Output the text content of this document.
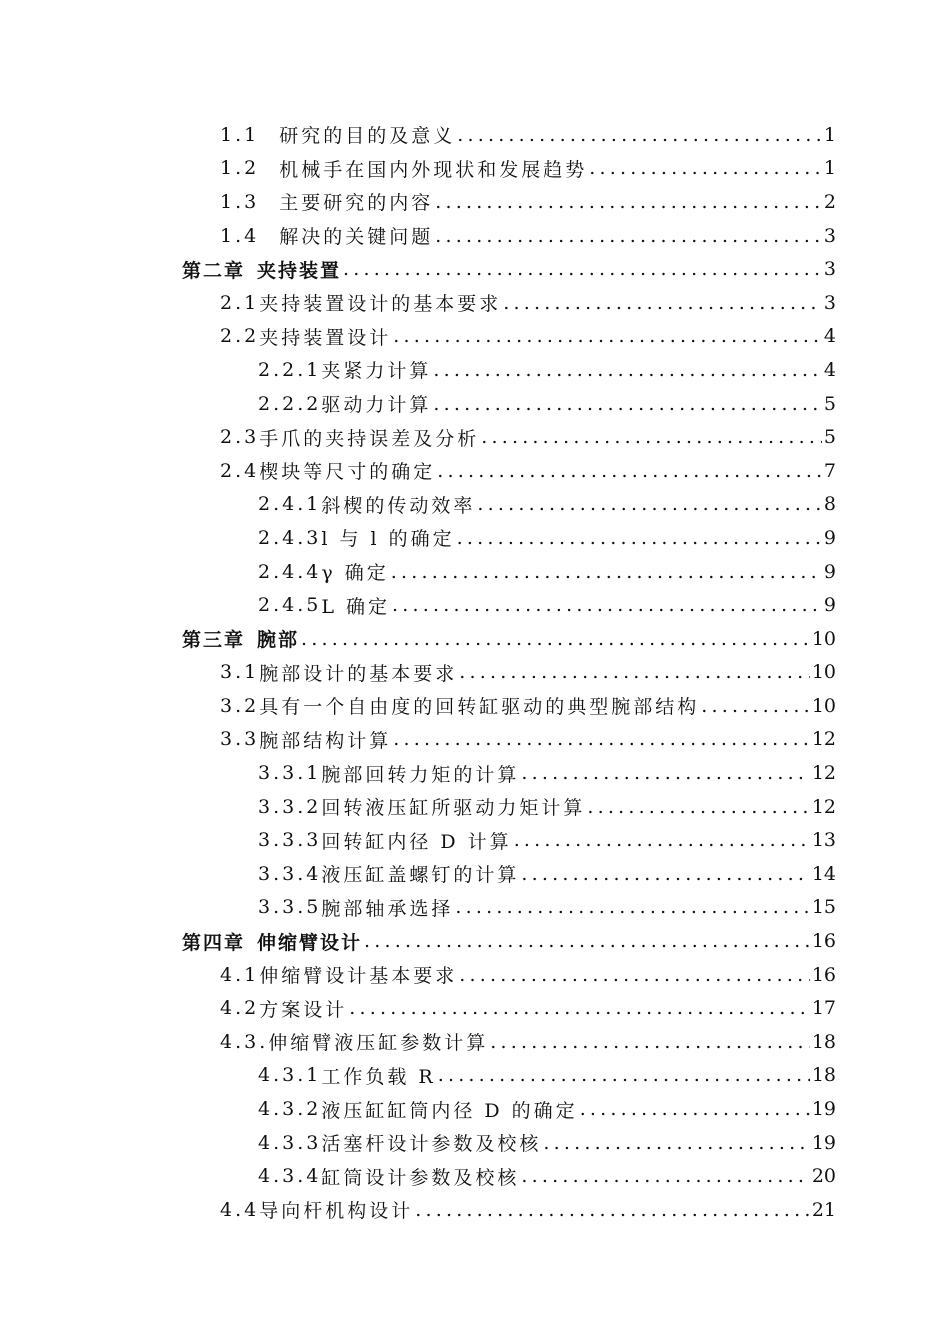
1.1 研究的目的及意义 .....	1
1.2 机械手在国内外现状和发展趋势 .....	1
1.3 主要研究的内容 .....	2
1.4 解决的关键问题 .....	3
第二章 夹持装置 .....	3
2.1 夹持装置设计的基本要求 .....	3
2.2 夹持装置设计 .....	4
2.2.1 夹紧力计算 .....	4
2.2.2 驱动力计算 .....	5
2.3 手爪的夹持误差及分析 .....	5
2.4 楔块等尺寸的确定 .....	7
2.4.1 斜楔的传动效率 .....	8
2.4.3 l 与 l 的确定 .....	9
2.4.4 γ 确定 .....	9
2.4.5 L 确定 .....	9
第三章 腕部 .....	10
3.1 腕部设计的基本要求 .....	10
3.2 具有一个自由度的回转缸驱动的典型腕部结构 .....	10
3.3 腕部结构计算 .....	12
3.3.1 腕部回转力矩的计算 .....	12
3.3.2 回转液压缸所驱动力矩计算 .....	12
3.3.3 回转缸内径 D 计算 .....	13
3.3.4 液压缸盖螺钉的计算 .....	14
3.3.5 腕部轴承选择 .....	15
第四章 伸缩臂设计 .....	16
4.1 伸缩臂设计基本要求 .....	16
4.2 方案设计 .....	17
4.3. 伸缩臂液压缸参数计算 .....	18
4.3.1 工作负载 R .....	18
4.3.2 液压缸缸筒内径 D 的确定 .....	19
4.3.3 活塞杆设计参数及校核 .....	19
4.3.4 缸筒设计参数及校核 .....	20
4.4 导向杆机构设计 .....	21
